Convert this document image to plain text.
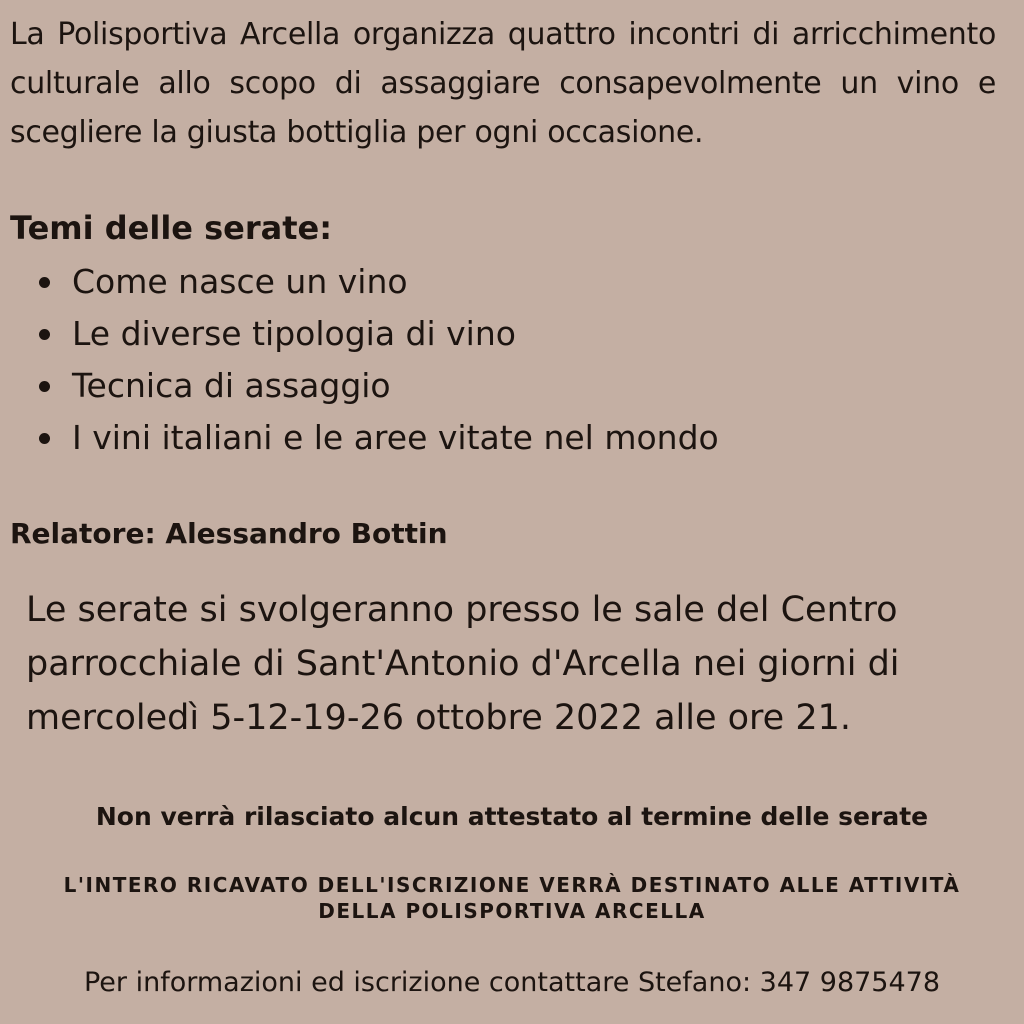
La Polisportiva Arcella organizza quattro incontri di arricchimento culturale allo scopo di assaggiare consapevolmente un vino e scegliere la giusta bottiglia per ogni occasione.

Temi delle serate:

Come nasce un vino
Le diverse tipologia di vino
Tecnica di assaggio
I vini italiani e le aree vitate nel mondo

Relatore: Alessandro Bottin

Le serate si svolgeranno presso le sale del Centro parrocchiale di Sant'Antonio d'Arcella nei giorni di mercoledì 5-12-19-26 ottobre 2022 alle ore 21.

Non verrà rilasciato alcun attestato al termine delle serate

L'INTERO RICAVATO DELL'ISCRIZIONE VERRÀ DESTINATO ALLE ATTIVITÀ DELLA POLISPORTIVA ARCELLA

Per informazioni ed iscrizione contattare Stefano: 347 9875478
